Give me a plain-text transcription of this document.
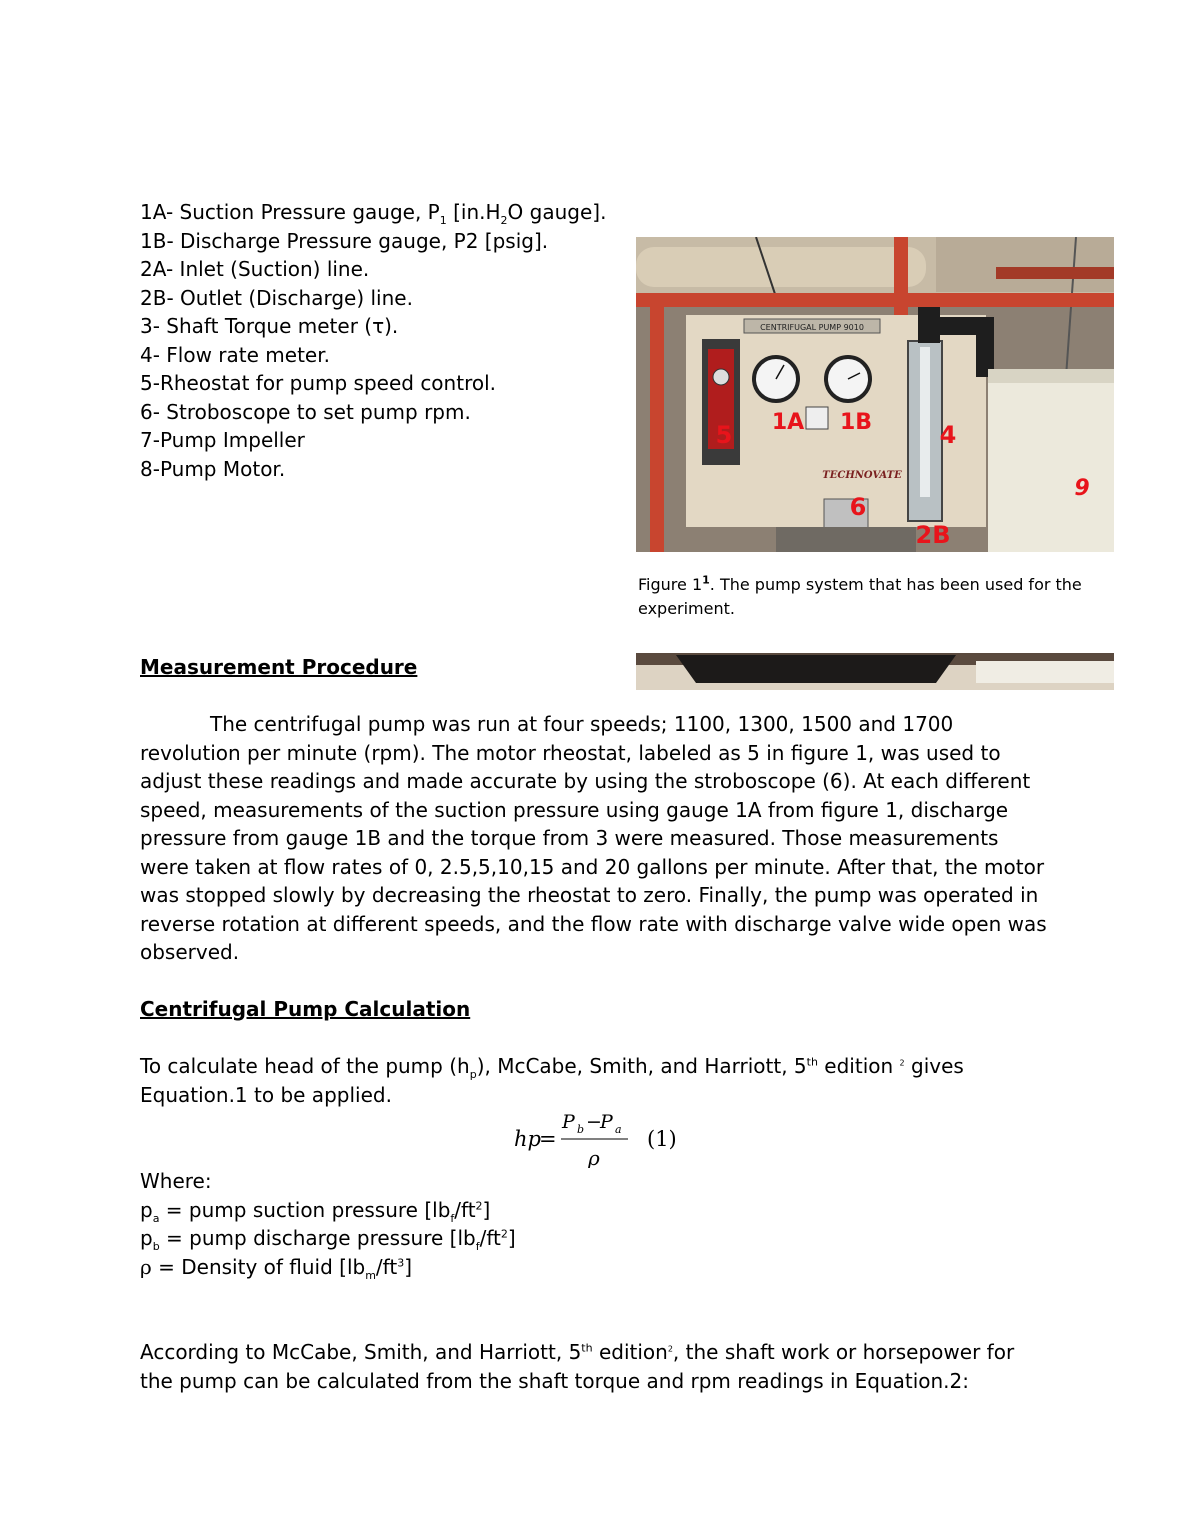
1A- Suction Pressure gauge, $P_1$ [$in.H_2O$ gauge].
1B- Discharge Pressure gauge, P2 [psig].
2A- Inlet (Suction) line.
2B- Outlet (Discharge) line.
3- Shaft Torque meter (τ).
4- Flow rate meter.
5-Rheostat for pump speed control.
6- Stroboscope to set pump rpm.
7-Pump Impeller
8-Pump Motor.
CENTRIFUGAL PUMP 9010
TECHNOVATE
1A 1B
5	4
6
2B
9
Figure $1^1$. The pump system that has been used for the experiment.
Measurement Procedure
The centrifugal pump was run at four speeds; 1100, 1300, 1500 and 1700 revolution per minute (rpm). The motor rheostat, labeled as 5 in figure 1, was used to adjust these readings and made accurate by using the stroboscope (6). At each different speed, measurements of the suction pressure using gauge 1A from figure 1, discharge pressure from gauge 1B and the torque from 3 were measured. Those measurements were taken at flow rates of 0, 2.5,5,10,15 and 20 gallons per minute. After that, the motor was stopped slowly by decreasing the rheostat to zero. Finally, the pump was operated in reverse rotation at different speeds, and the flow rate with discharge valve wide open was observed.
Centrifugal Pump Calculation
To calculate head of the pump $(h_p)$, McCabe, Smith, and Harriott, 5th edition $^2$ gives Equation.1 to be applied.
hp
=
P b −
P a
ρ
(1)
Where:
$p_a$ = pump suction pressure $[lb_f/ft^2]$
$p_b$ = pump discharge pressure $[lb_f/ft^2]$
ρ = Density of fluid $[lb_m/ft^3]$
According to McCabe, Smith, and Harriott, 5th edition$^2$, the shaft work or horsepower for the pump can be calculated from the shaft torque and rpm readings in Equation.2:
